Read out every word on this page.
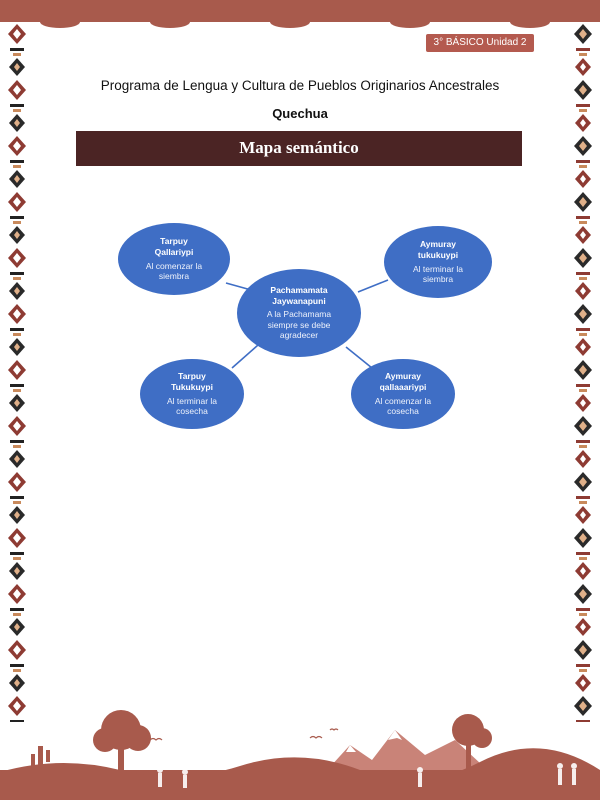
3° BÁSICO Unidad 2
Programa de Lengua y Cultura de Pueblos Originarios Ancestrales
Quechua
Mapa semántico
Pachamamata
Jaywanapuni
A la Pachamama
siempre se debe
agradecer
Tarpuy
Qallariypi
Al comenzar la
siembra
Aymuray
tukukuypi
Al terminar la
siembra
Tarpuy
Tukukuypi
Al terminar la
cosecha
Aymuray
qallaaariypi
Al comenzar la
cosecha
